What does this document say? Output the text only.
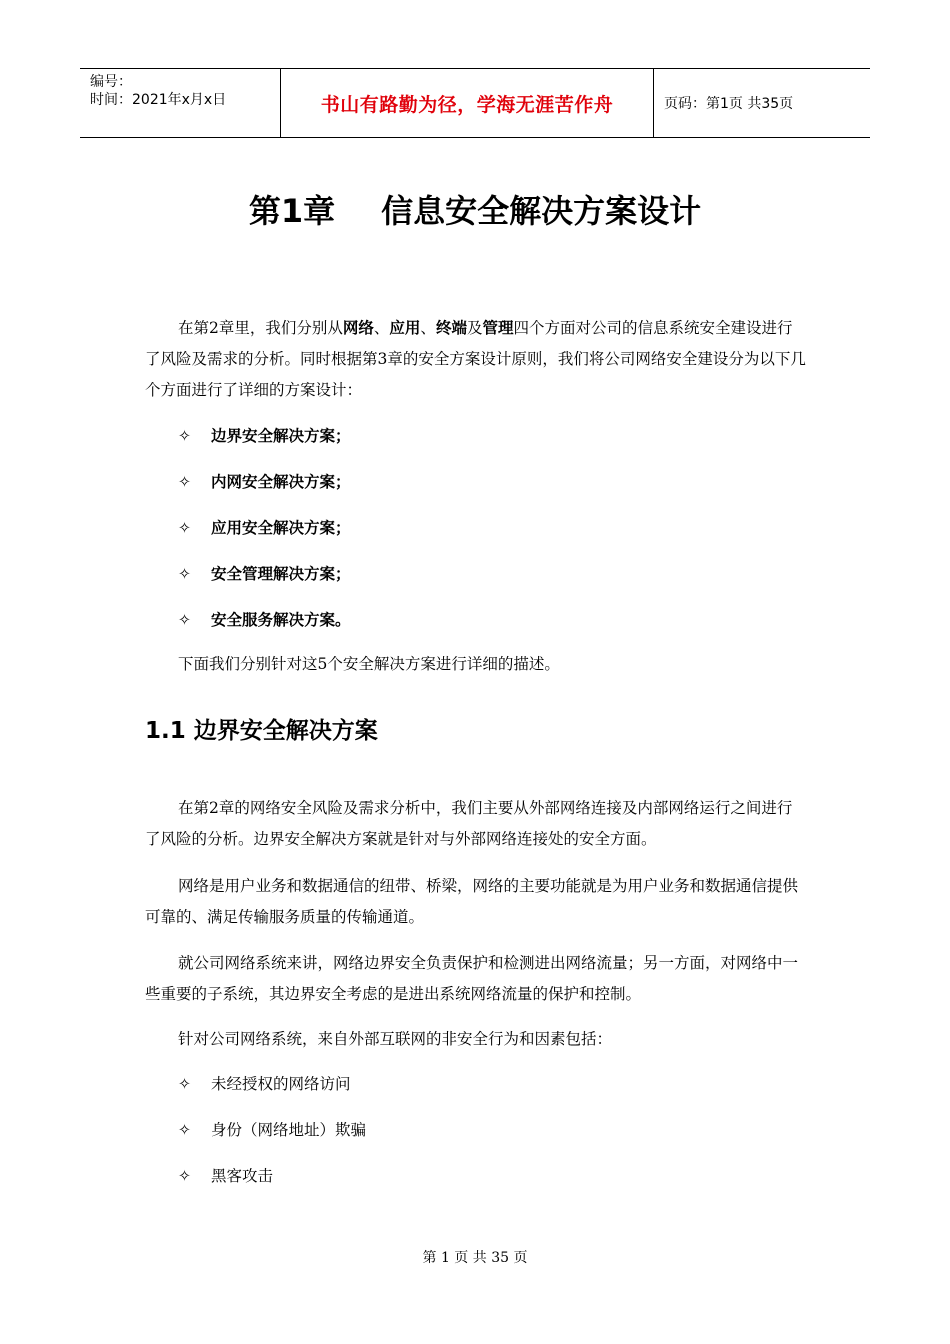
编号：
时间：2021年x月x日	书山有路勤为径，学海无涯苦作舟	页码：第1页 共35页
第1章 信息安全解决方案设计

在第2章里，我们分别从网络、应用、终端及管理四个方面对公司的信息系统安全建设进行了风险及需求的分析。同时根据第3章的安全方案设计原则，我们将公司网络安全建设分为以下几个方面进行了详细的方案设计：

✧	边界安全解决方案；
✧	内网安全解决方案；
✧	应用安全解决方案；
✧	安全管理解决方案；
✧	安全服务解决方案。

下面我们分别针对这5个安全解决方案进行详细的描述。

1.1 边界安全解决方案

在第2章的网络安全风险及需求分析中，我们主要从外部网络连接及内部网络运行之间进行了风险的分析。边界安全解决方案就是针对与外部网络连接处的安全方面。

网络是用户业务和数据通信的纽带、桥梁，网络的主要功能就是为用户业务和数据通信提供可靠的、满足传输服务质量的传输通道。

就公司网络系统来讲，网络边界安全负责保护和检测进出网络流量；另一方面，对网络中一些重要的子系统，其边界安全考虑的是进出系统网络流量的保护和控制。

针对公司网络系统，来自外部互联网的非安全行为和因素包括：

✧	未经授权的网络访问
✧	身份（网络地址）欺骗
✧	黑客攻击
第 1 页 共 35 页
